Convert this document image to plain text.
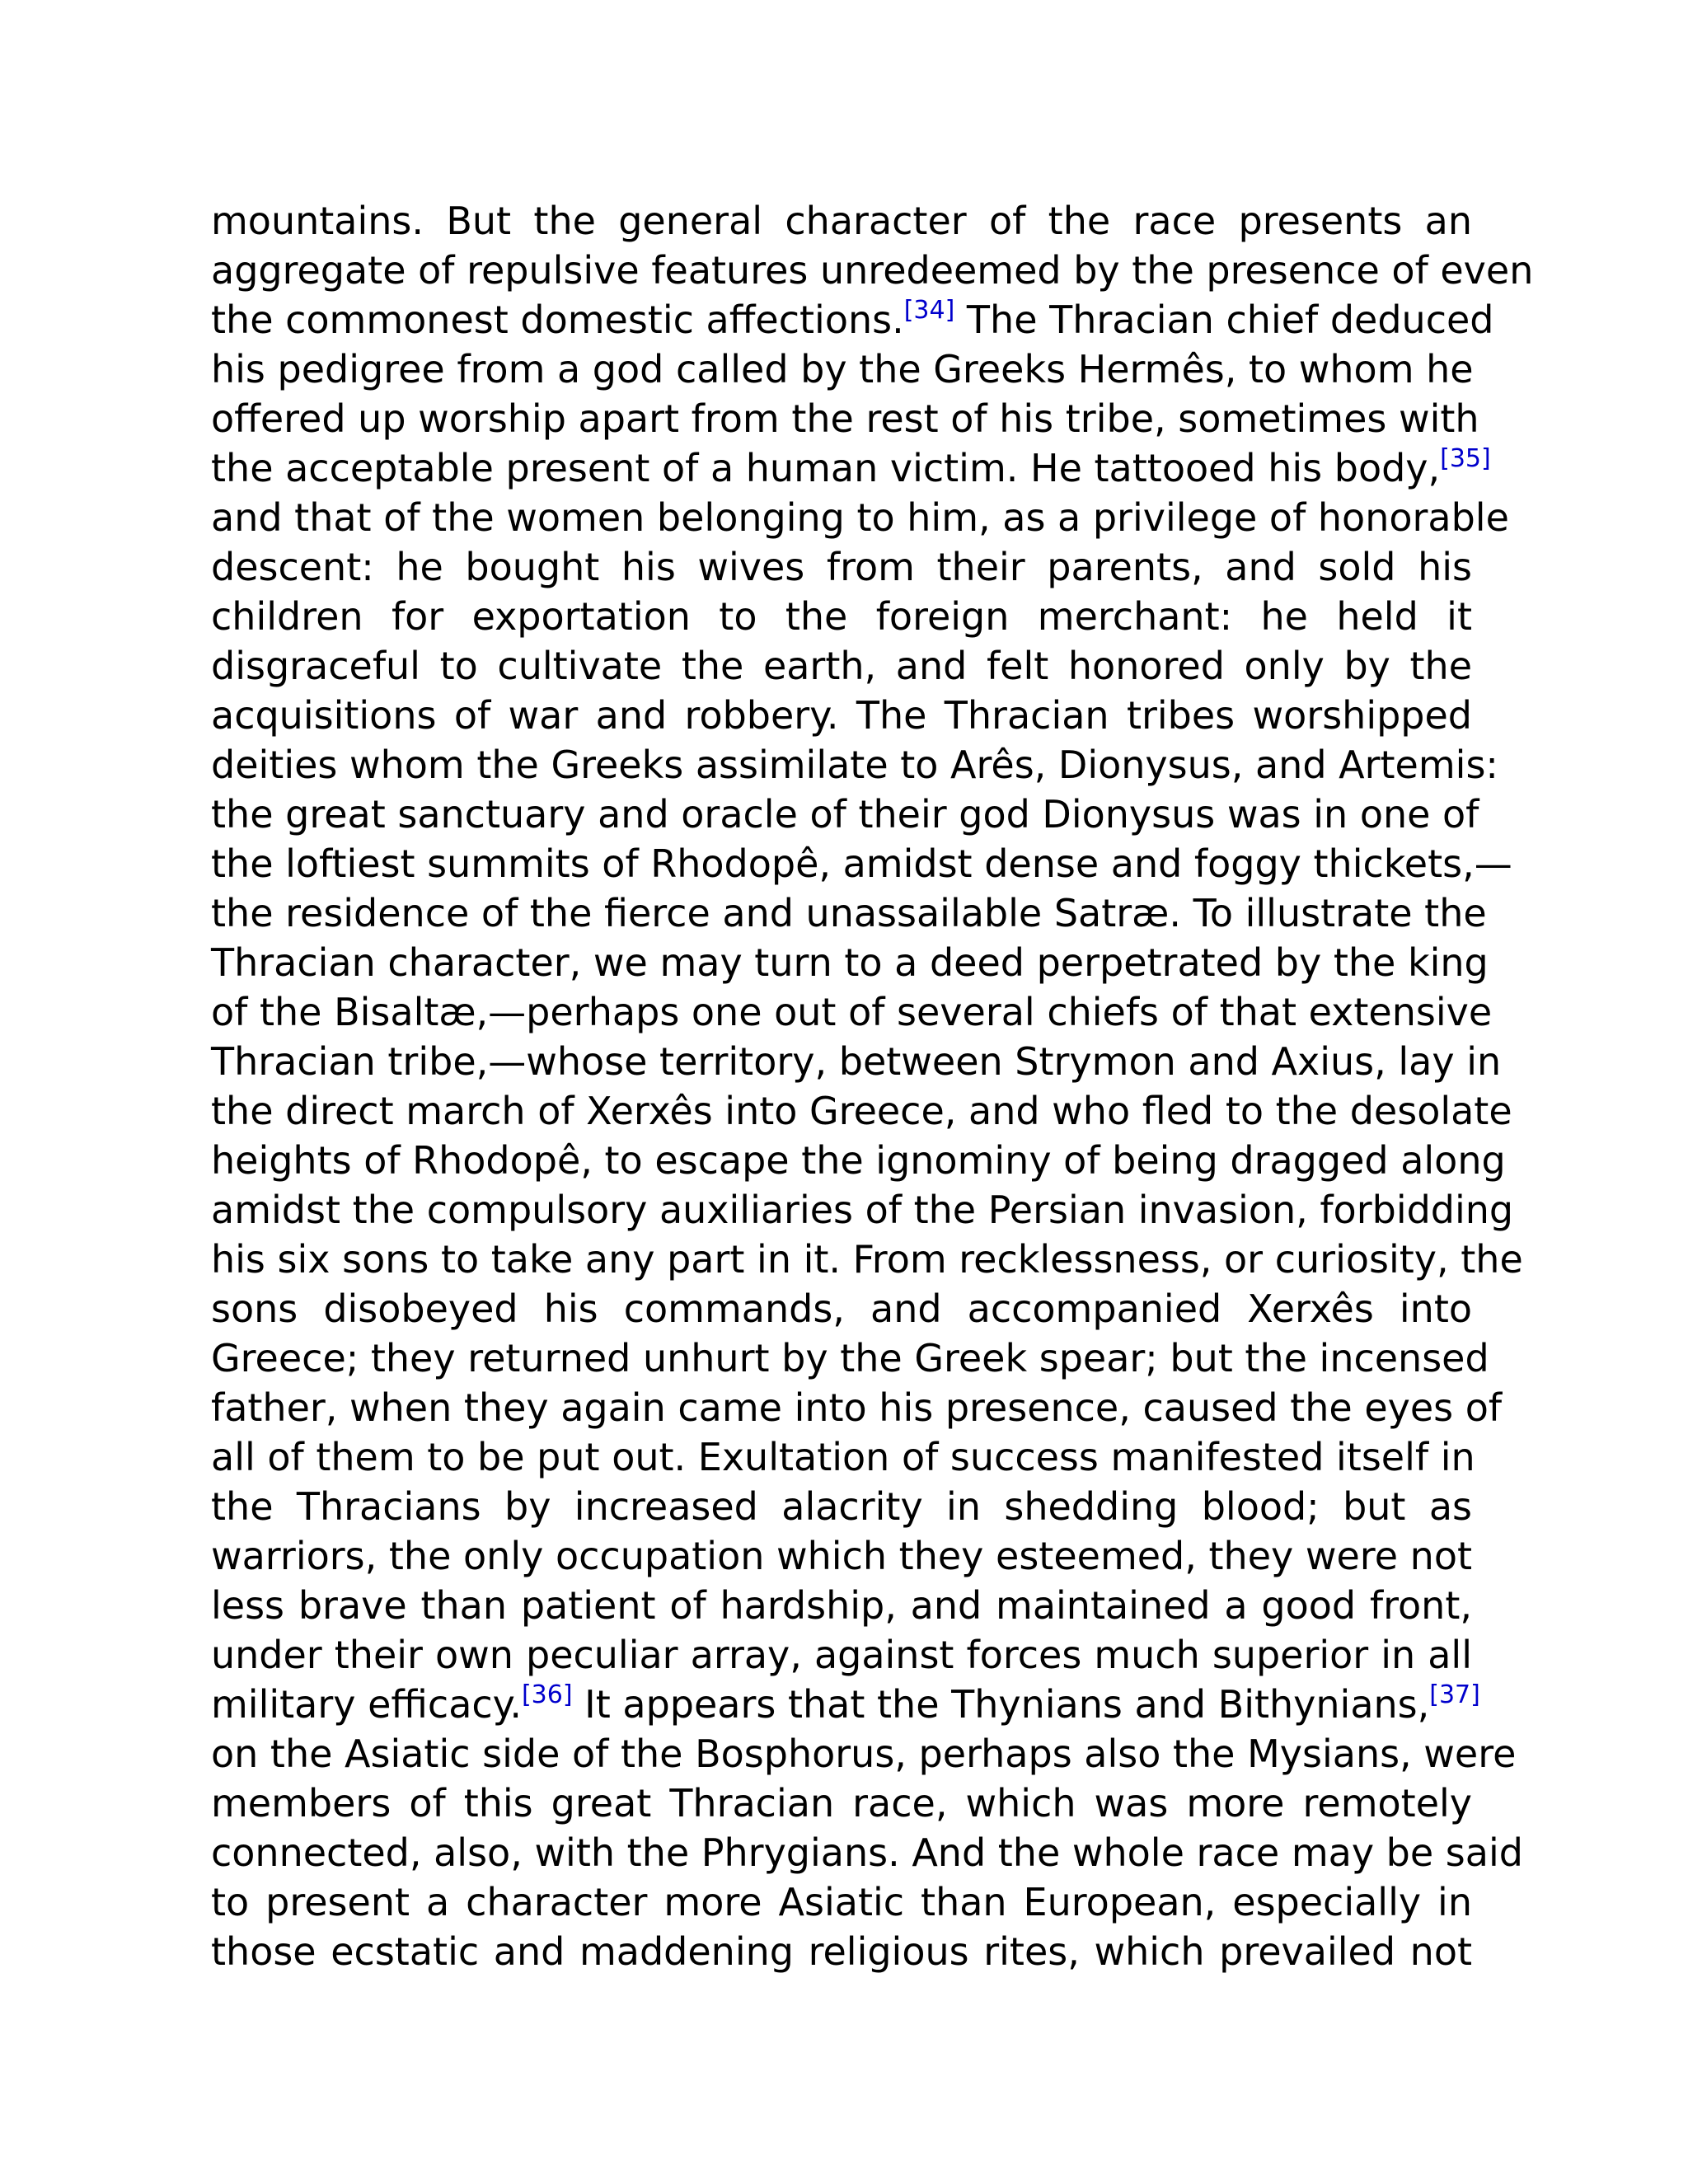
mountains. But the general character of the race presents an
aggregate of repulsive features unredeemed by the presence of even
the commonest domestic affections.[34] The Thracian chief deduced
his pedigree from a god called by the Greeks Hermês, to whom he
offered up worship apart from the rest of his tribe, sometimes with
the acceptable present of a human victim. He tattooed his body,[35]
and that of the women belonging to him, as a privilege of honorable
descent: he bought his wives from their parents, and sold his
children for exportation to the foreign merchant: he held it
disgraceful to cultivate the earth, and felt honored only by the
acquisitions of war and robbery. The Thracian tribes worshipped
deities whom the Greeks assimilate to Arês, Dionysus, and Artemis:
the great sanctuary and oracle of their god Dionysus was in one of
the loftiest summits of Rhodopê, amidst dense and foggy thickets,—
the residence of the fierce and unassailable Satræ. To illustrate the
Thracian character, we may turn to a deed perpetrated by the king
of the Bisaltæ,—perhaps one out of several chiefs of that extensive
Thracian tribe,—whose territory, between Strymon and Axius, lay in
the direct march of Xerxês into Greece, and who fled to the desolate
heights of Rhodopê, to escape the ignominy of being dragged along
amidst the compulsory auxiliaries of the Persian invasion, forbidding
his six sons to take any part in it. From recklessness, or curiosity, the
sons disobeyed his commands, and accompanied Xerxês into
Greece; they returned unhurt by the Greek spear; but the incensed
father, when they again came into his presence, caused the eyes of
all of them to be put out. Exultation of success manifested itself in
the Thracians by increased alacrity in shedding blood; but as
warriors, the only occupation which they esteemed, they were not
less brave than patient of hardship, and maintained a good front,
under their own peculiar array, against forces much superior in all
military efficacy.[36] It appears that the Thynians and Bithynians,[37]
on the Asiatic side of the Bosphorus, perhaps also the Mysians, were
members of this great Thracian race, which was more remotely
connected, also, with the Phrygians. And the whole race may be said
to present a character more Asiatic than European, especially in
those ecstatic and maddening religious rites, which prevailed not
